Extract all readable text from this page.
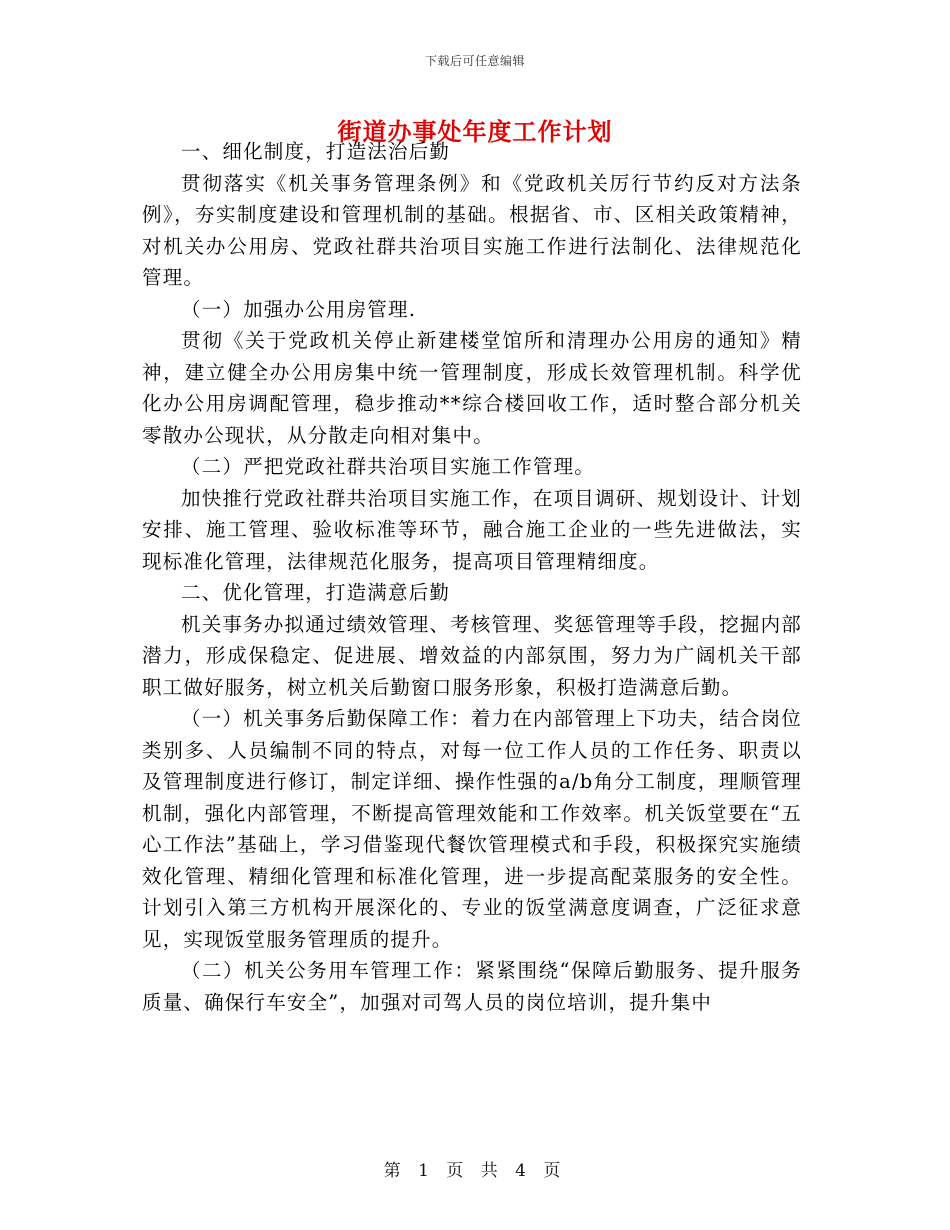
下载后可任意编辑
街道办事处年度工作计划

一、细化制度，打造法治后勤

贯彻落实《机关事务管理条例》和《党政机关厉行节约反对方法条例》，夯实制度建设和管理机制的基础。根据省、市、区相关政策精神，对机关办公用房、党政社群共治项目实施工作进行法制化、法律规范化管理。

（一）加强办公用房管理.

贯彻《关于党政机关停止新建楼堂馆所和清理办公用房的通知》精神，建立健全办公用房集中统一管理制度，形成长效管理机制。科学优化办公用房调配管理，稳步推动**综合楼回收工作，适时整合部分机关零散办公现状，从分散走向相对集中。

（二）严把党政社群共治项目实施工作管理。

加快推行党政社群共治项目实施工作，在项目调研、规划设计、计划安排、施工管理、验收标准等环节，融合施工企业的一些先进做法，实现标准化管理，法律规范化服务，提高项目管理精细度。

二、优化管理，打造满意后勤

机关事务办拟通过绩效管理、考核管理、奖惩管理等手段，挖掘内部潜力，形成保稳定、促进展、增效益的内部氛围，努力为广阔机关干部职工做好服务，树立机关后勤窗口服务形象，积极打造满意后勤。

（一）机关事务后勤保障工作：着力在内部管理上下功夫，结合岗位类别多、人员编制不同的特点，对每一位工作人员的工作任务、职责以及管理制度进行修订，制定详细、操作性强的a/b角分工制度，理顺管理机制，强化内部管理，不断提高管理效能和工作效率。机关饭堂要在“五心工作法”基础上，学习借鉴现代餐饮管理模式和手段，积极探究实施绩效化管理、精细化管理和标准化管理，进一步提高配菜服务的安全性。计划引入第三方机构开展深化的、专业的饭堂满意度调查，广泛征求意见，实现饭堂服务管理质的提升。

（二）机关公务用车管理工作：紧紧围绕“保障后勤服务、提升服务质量、确保行车安全”，加强对司驾人员的岗位培训，提升集中

第 1 页 共 4 页
